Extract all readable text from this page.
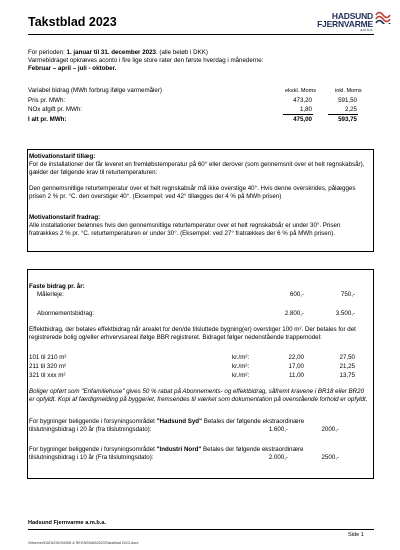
Takstblad 2023	HADSUND
FJERNVARME
a.m.b.a.
For perioden: 1. januar til 31. december 2023. (alle beløb i DKK)
Varmebidraget opkræves aconto i fire lige store rater den første hverdag i månederne:
Februar – april – juli - oktober.
Variabel bidrag (MWh forbrug ifølge varmemåler)	ekskl. Moms	inkl. Moms
Pris pr. MWh:	473,20	591,50
NOx afgift pr. MWh:	1,80	2,25
I alt pr. MWh:	475,00	593,75
Motivationstarif tillæg:
For de installationer der får leveret en fremløbstemperatur på 60° eller derover (som gennemsnit over et helt regnskabsår), gælder der følgende krav til returtemperaturen:
Den gennemsnitlige returtemperatur over et helt regnskabsår må ikke overstige 40°. Hvis denne overskrides, pålægges prisen 2 % pr. °C. den overstiger 40°. (Eksempel: ved 42° tillægges der 4 % på MWh prisen)
Motivationstarif fradrag:
Alle installationer belønnes hvis den gennemsnitlige returtemperatur over et helt regnskabsår er under 30°. Prisen fratrækkes 2 % pr. °C. returtemperaturen er under 30°. (Eksempel: ved 27° fratrækkes der 6 % på MWh prisen).
Faste bidrag pr. år:
Målerleje:	600,-	750,-
Abonnementsbidrag:	2.800,-	3.500,-
Effektbidrag, der betales effektbidrag når arealet for den/de tilsluttede bygning(er) overstiger 100 m². Der betales for det registrerede bolig og/eller erhvervsareal ifølge BBR registreret. Bidraget følger nedenstående trappemodel:
101 til 210 m²	kr./m²:	22,00	27,50
211 til 320 m²	kr./m²:	17,00	21,25
321 til xxx m²	kr./m²:	11,00	13,75
Boliger opført som "Enfamiliehuse" gives 50 % rabat på Abonnements- og effektbidrag, såfremt kravene i BR18 eller BR20 er opfyldt. Kopi af færdigmelding på byggeriet, fremsendes til værket som dokumentation på ovenstående forhold er opfyldt.
For bygninger beliggende i forsyningsområdet "Hadsund Syd" Betales der følgende ekstraordinære
tilslutningsbidrag i 20 år (fra tilslutningsdato):	1.600,-	2000,-
For bygninger beliggende i forsyningsområdet "Industri Nord" Betales der følgende ekstraordinære
tilslutningsbidrag i 10 år (Fra tilslutningsdato):	2.000,-	2500,-
Hadsund Fjernvarme a.m.b.a.
Side 1
\\hfserver\DATA\OKONOMI & REGNSKAB\2023\Takstblad 2023.docx
